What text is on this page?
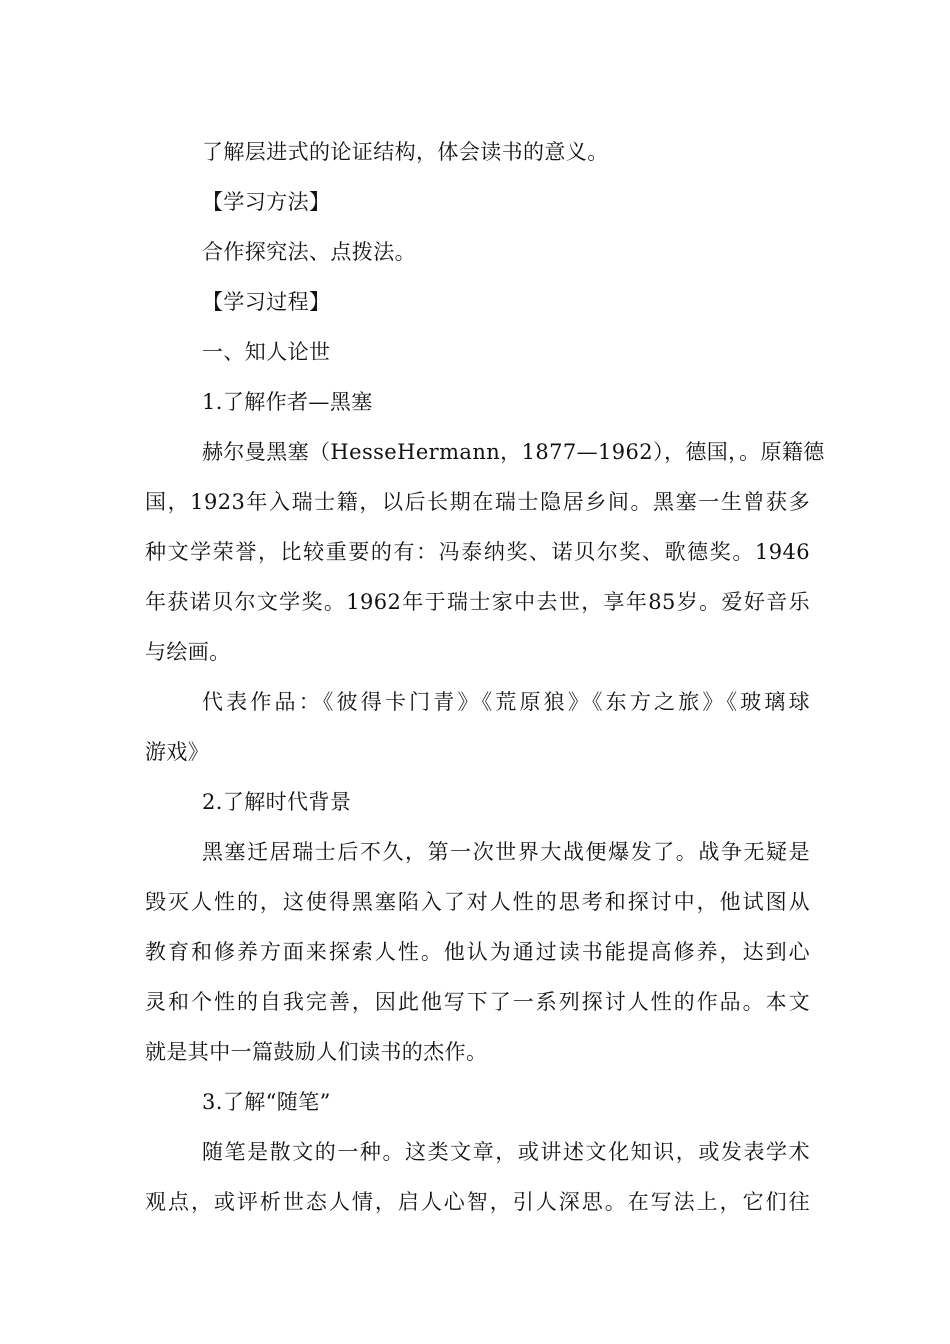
了解层进式的论证结构，体会读书的意义。
【学习方法】
合作探究法、点拨法。
【学习过程】
一、知人论世
1.了解作者—黑塞
赫尔曼黑塞（HesseHermann，1877—1962），德国，。原籍德
国，1923年入瑞士籍，以后长期在瑞士隐居乡间。黑塞一生曾获多
种文学荣誉，比较重要的有：冯泰纳奖、诺贝尔奖、歌德奖。1946
年获诺贝尔文学奖。1962年于瑞士家中去世，享年85岁。爱好音乐
与绘画。
代表作品：《彼得卡门青》《荒原狼》《东方之旅》《玻璃球
游戏》
2.了解时代背景
黑塞迁居瑞士后不久，第一次世界大战便爆发了。战争无疑是
毁灭人性的，这使得黑塞陷入了对人性的思考和探讨中，他试图从
教育和修养方面来探索人性。他认为通过读书能提高修养，达到心
灵和个性的自我完善，因此他写下了一系列探讨人性的作品。本文
就是其中一篇鼓励人们读书的杰作。
3.了解“随笔”
随笔是散文的一种。这类文章，或讲述文化知识，或发表学术
观点，或评析世态人情，启人心智，引人深思。在写法上，它们往
